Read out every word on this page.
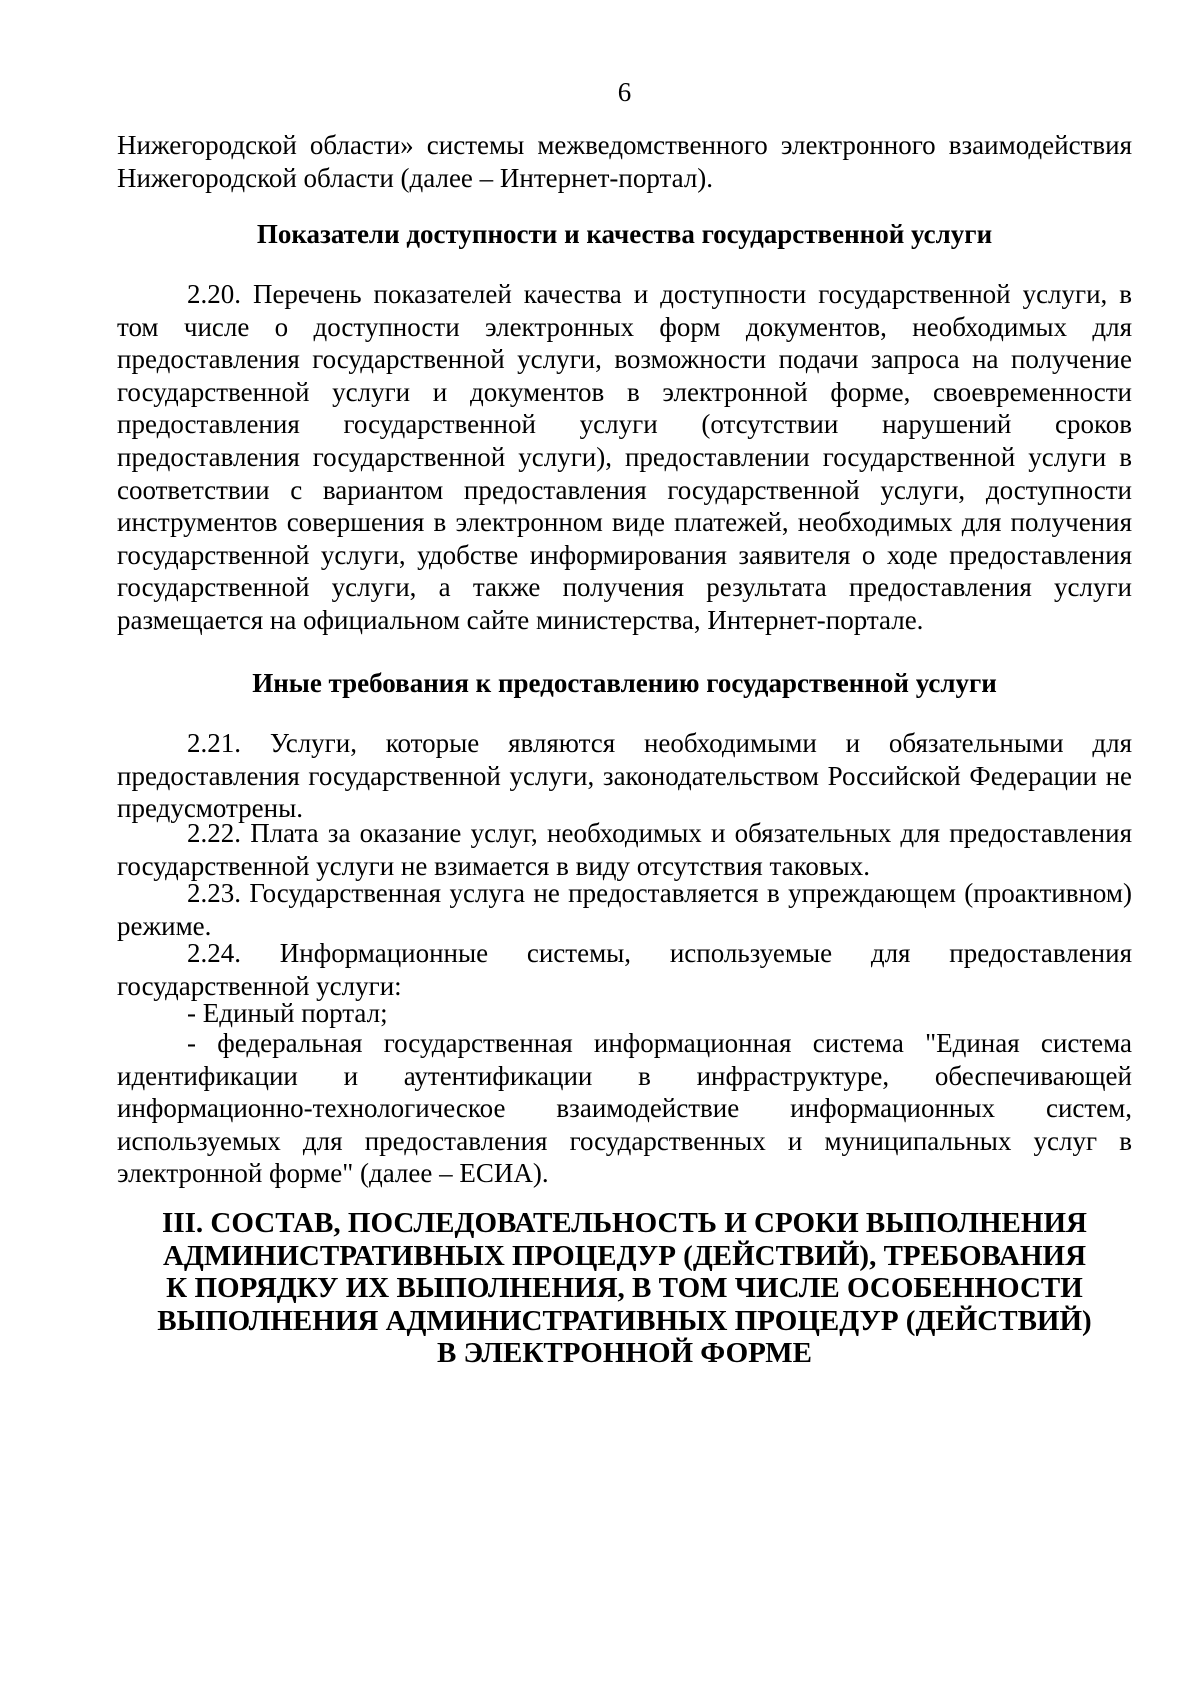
6

Нижегородской области» системы межведомственного электронного взаимодействия Нижегородской области (далее – Интернет-портал).

Показатели доступности и качества государственной услуги

2.20. Перечень показателей качества и доступности государственной услуги, в том числе о доступности электронных форм документов, необходимых для предоставления государственной услуги, возможности подачи запроса на получение государственной услуги и документов в электронной форме, своевременности предоставления государственной услуги (отсутствии нарушений сроков предоставления государственной услуги), предоставлении государственной услуги в соответствии с вариантом предоставления государственной услуги, доступности инструментов совершения в электронном виде платежей, необходимых для получения государственной услуги, удобстве информирования заявителя о ходе предоставления государственной услуги, а также получения результата предоставления услуги размещается на официальном сайте министерства, Интернет-портале.

Иные требования к предоставлению государственной услуги

2.21. Услуги, которые являются необходимыми и обязательными для предоставления государственной услуги, законодательством Российской Федерации не предусмотрены.

2.22. Плата за оказание услуг, необходимых и обязательных для предоставления государственной услуги не взимается в виду отсутствия таковых.

2.23. Государственная услуга не предоставляется в упреждающем (проактивном) режиме.

2.24. Информационные системы, используемые для предоставления государственной услуги:

- Единый портал;

- федеральная государственная информационная система "Единая система идентификации и аутентификации в инфраструктуре, обеспечивающей информационно-технологическое взаимодействие информационных систем, используемых для предоставления государственных и муниципальных услуг в электронной форме" (далее – ЕСИА).

III. СОСТАВ, ПОСЛЕДОВАТЕЛЬНОСТЬ И СРОКИ ВЫПОЛНЕНИЯ
АДМИНИСТРАТИВНЫХ ПРОЦЕДУР (ДЕЙСТВИЙ), ТРЕБОВАНИЯ
К ПОРЯДКУ ИХ ВЫПОЛНЕНИЯ, В ТОМ ЧИСЛЕ ОСОБЕННОСТИ
ВЫПОЛНЕНИЯ АДМИНИСТРАТИВНЫХ ПРОЦЕДУР (ДЕЙСТВИЙ)
В ЭЛЕКТРОННОЙ ФОРМЕ
